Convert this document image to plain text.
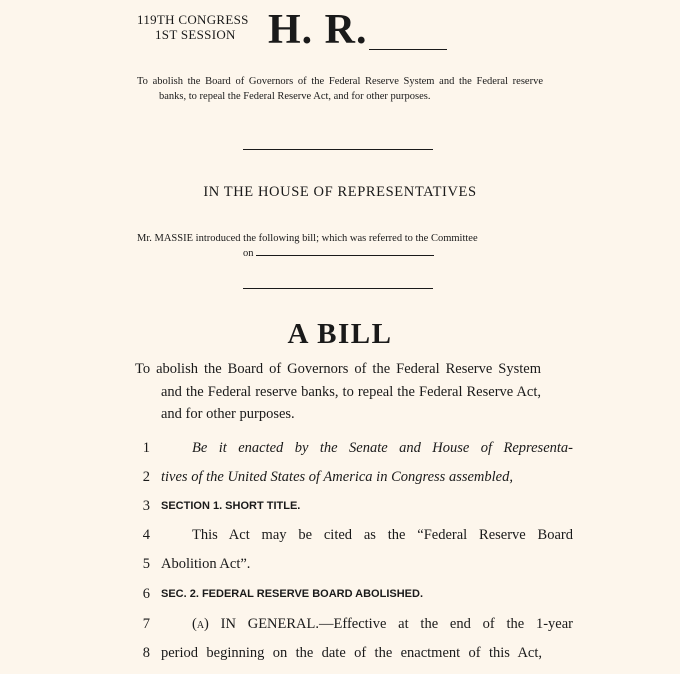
119TH CONGRESS
1ST SESSION H. R.
To abolish the Board of Governors of the Federal Reserve System and the Federal reserve banks, to repeal the Federal Reserve Act, and for other purposes.
IN THE HOUSE OF REPRESENTATIVES
Mr. MASSIE introduced the following bill; which was referred to the Committee
on
A BILL
To abolish the Board of Governors of the Federal Reserve System and the Federal reserve banks, to repeal the Federal Reserve Act, and for other purposes.
1	Be it enacted by the Senate and House of Representa-
2 tives of the United States of America in Congress assembled,
3 SECTION 1. SHORT TITLE.
4	This Act may be cited as the “Federal Reserve Board
5 Abolition Act”.
6 SEC. 2. FEDERAL RESERVE BOARD ABOLISHED.
7	(a) IN GENERAL.—Effective at the end of the 1-year
8 period beginning on the date of the enactment of this Act,
